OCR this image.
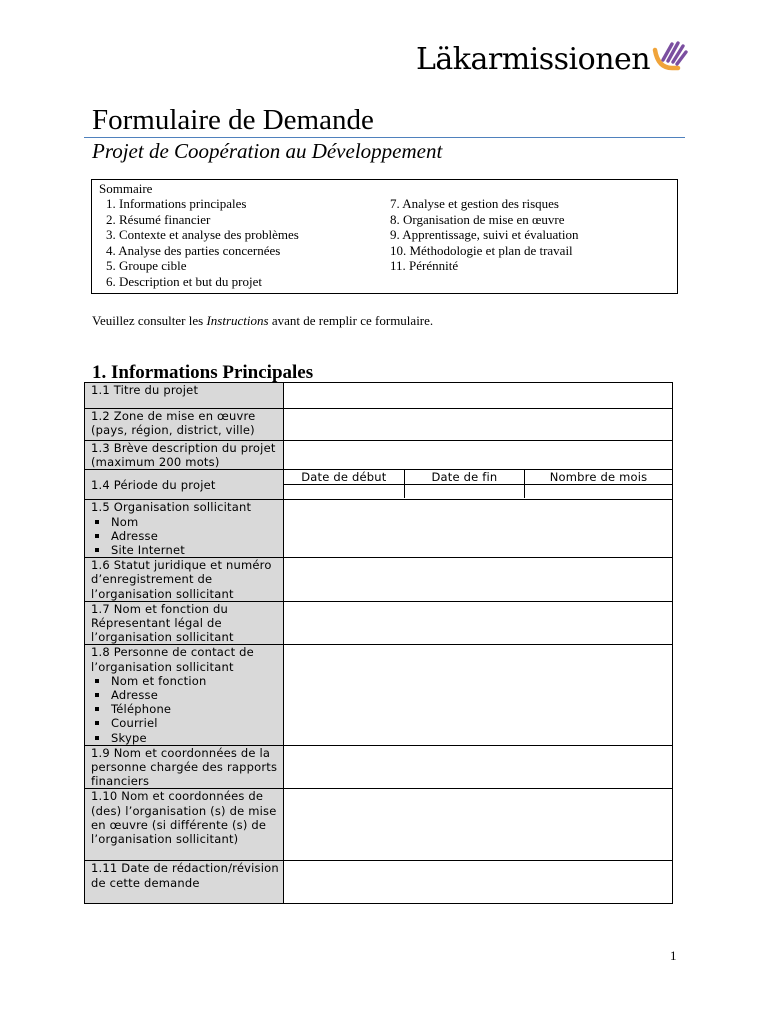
Läkarmissionen
Formulaire de Demande
Projet de Coopération au Développement
Sommaire
1. Informations principales
2. Résumé financier
3. Contexte et analyse des problèmes
4. Analyse des parties concernées
5. Groupe cible
6. Description et but du projet
7. Analyse et gestion des risques
8. Organisation de mise en œuvre
9. Apprentissage, suivi et évaluation
10. Méthodologie et plan de travail
11. Pérénnité
Veuillez consulter les Instructions avant de remplir ce formulaire.
1. Informations Principales
1.1 Titre du projet	
1.2 Zone de mise en œuvre (pays, région, district, ville)	
1.3 Brève description du projet (maximum 200 mots)	
1.4 Période du projet	
Date de début	Date de fin	Nombre de mois

1.5 Organisation sollicitant
Nom
Adresse
Site Internet

1.6 Statut juridique et numéro d’enregistrement de l’organisation sollicitant	
1.7 Nom et fonction du Répresentant légal de l’organisation sollicitant	

1.8 Personne de contact de l’organisation sollicitant
Nom et fonction
Adresse
Téléphone
Courriel
Skype

1.9 Nom et coordonnées de la personne chargée des rapports financiers	
1.10 Nom et coordonnées de (des) l’organisation (s) de mise en œuvre (si différente (s) de l’organisation sollicitant)	
1.11 Date de rédaction/révision de cette demande	
1
